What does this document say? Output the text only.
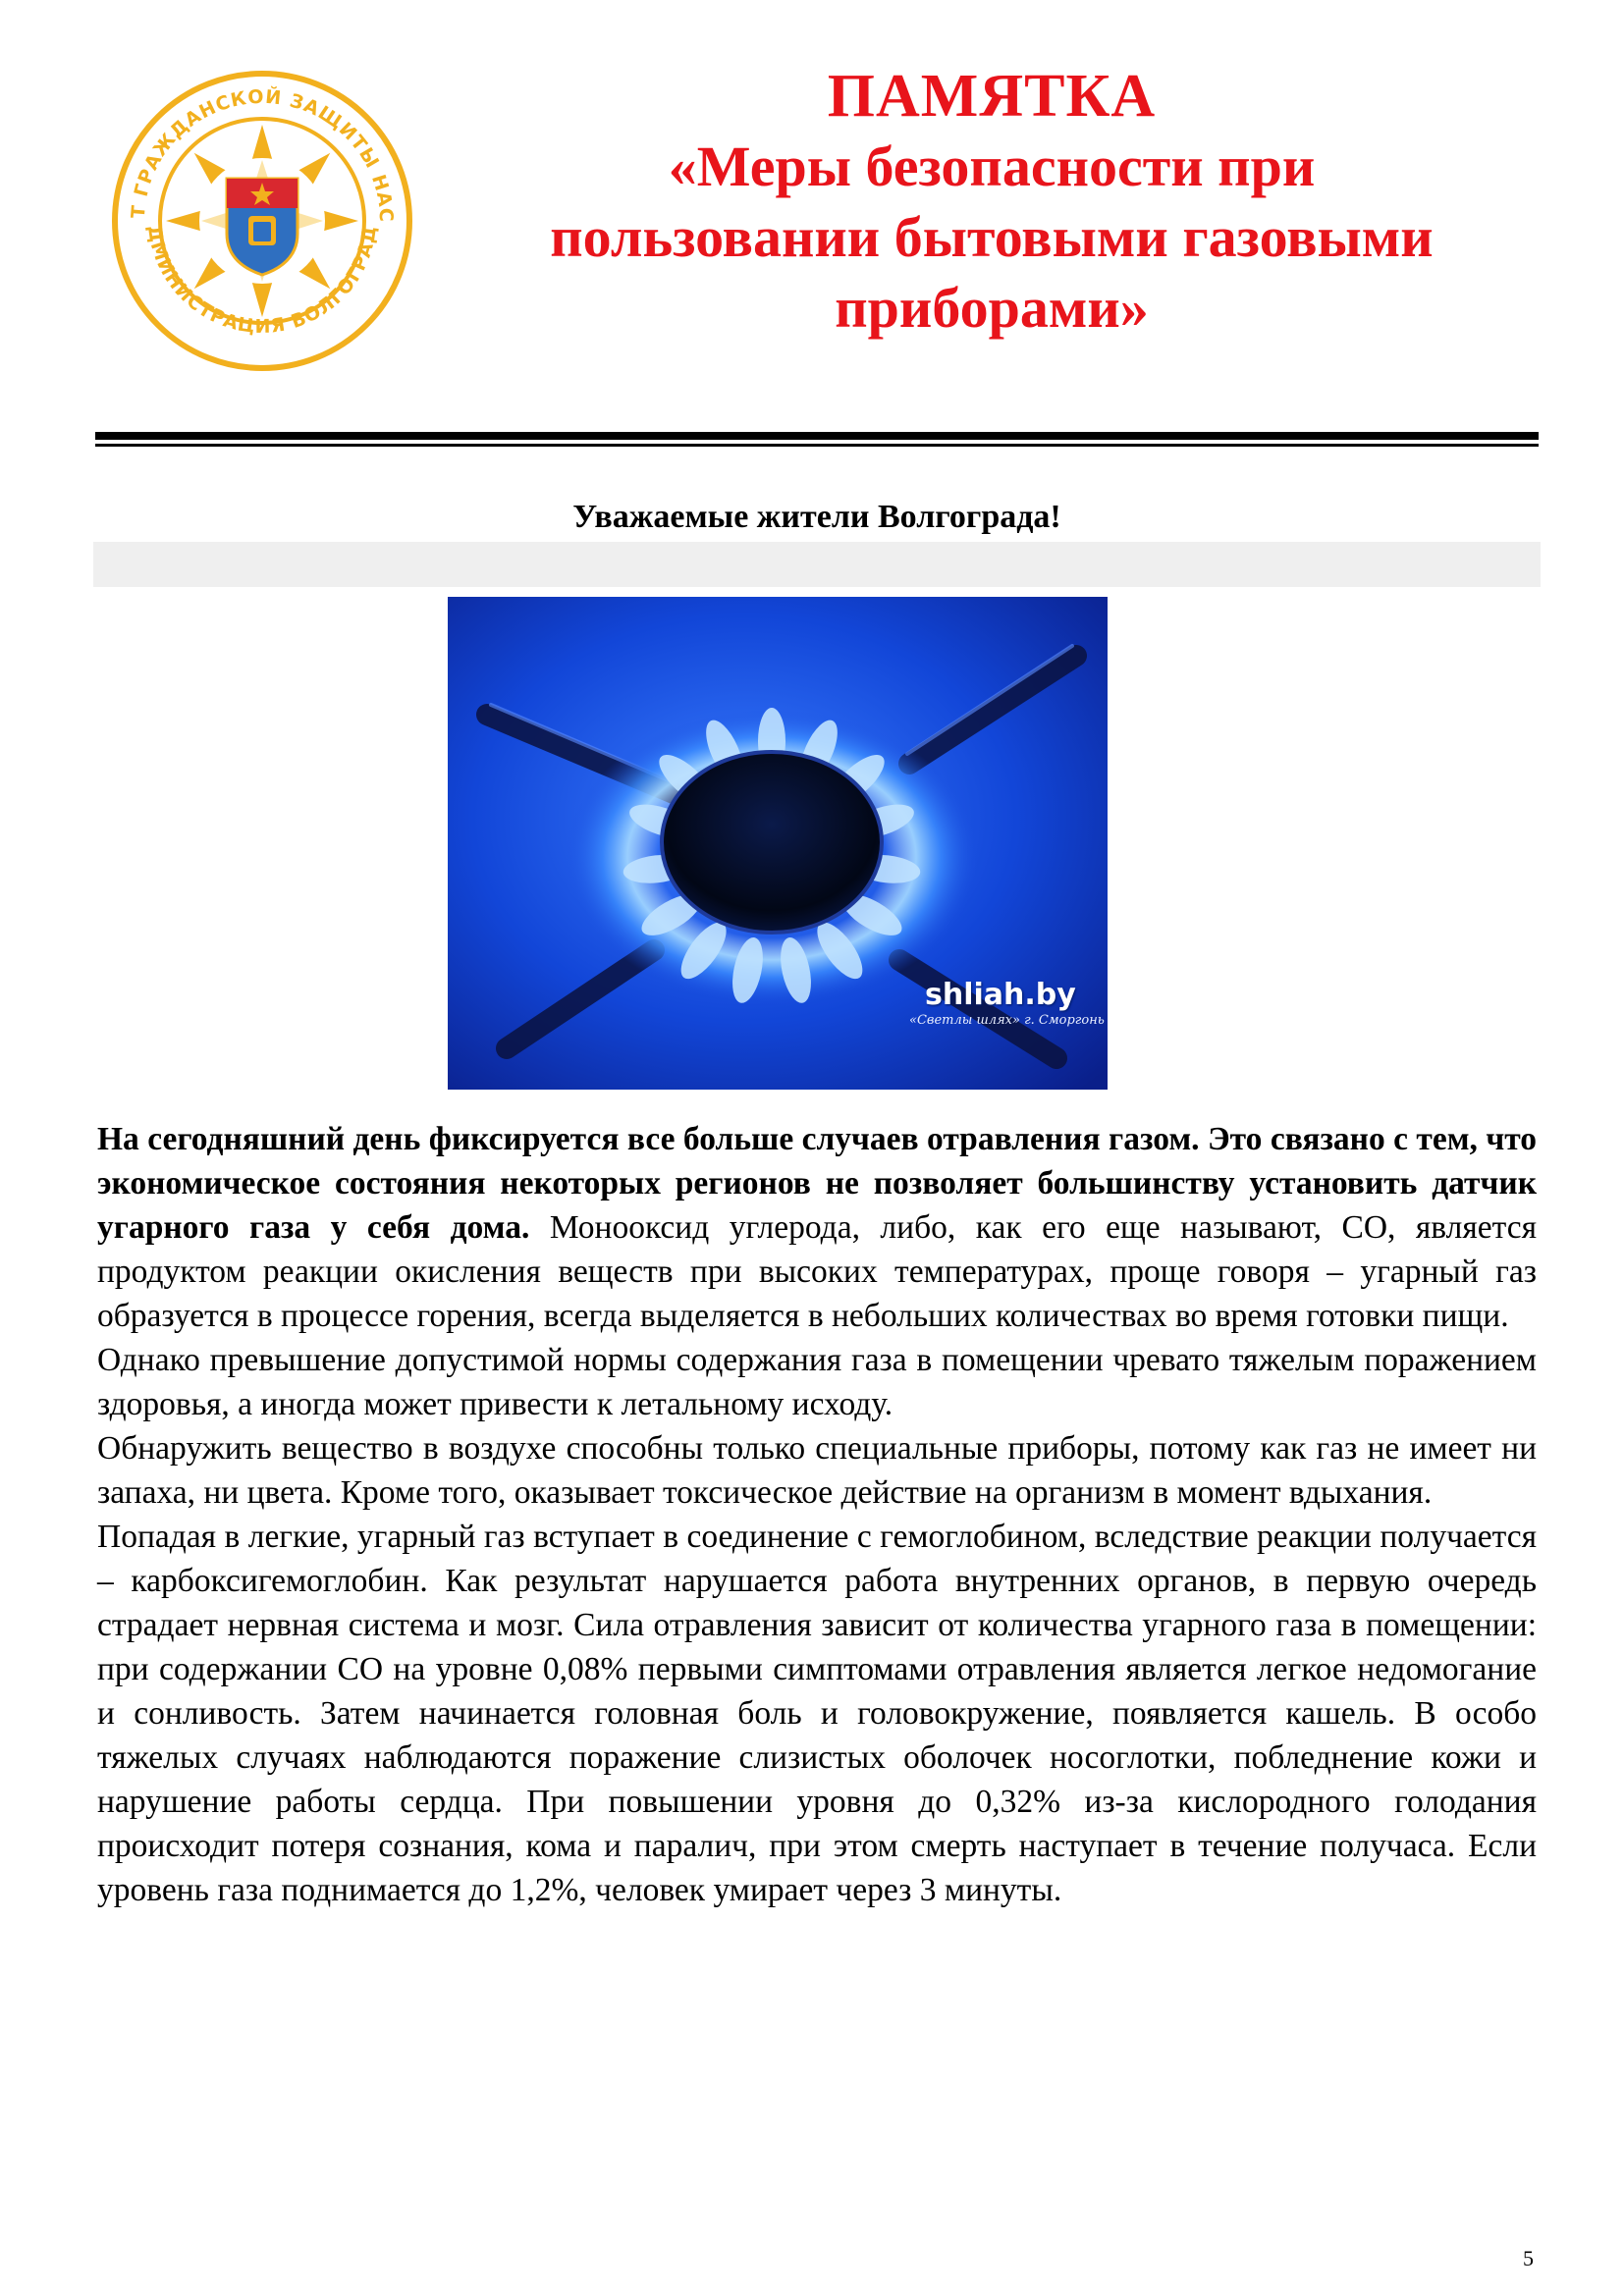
Т ГРАЖДАНСКОЙ ЗАЩИТЫ НАС
ДМИНИСТРАЦИЯ ВОЛГОГРАД
ПАМЯТКА
«Меры безопасности при
пользовании бытовыми газовыми
приборами»
Уважаемые жители Волгограда!
shliah.by
«Светлы шлях» г. Сморгонь

На сегодняшний день фиксируется все больше случаев отравления газом. Это связано с тем, что экономическое состояния некоторых регионов не позволяет большинству установить датчик угарного газа у себя дома. Монооксид углерода, либо, как его еще называют, СО, является продуктом реакции окисления веществ при высоких температурах, проще говоря – угарный газ образуется в процессе горения, всегда выделяется в небольших количествах во время готовки пищи.

Однако превышение допустимой нормы содержания газа в помещении чревато тяжелым поражением здоровья, а иногда может привести к летальному исходу.

Обнаружить вещество в воздухе способны только специальные приборы, потому как газ не имеет ни запаха, ни цвета. Кроме того, оказывает токсическое действие на организм в момент вдыхания.

Попадая в легкие, угарный газ вступает в соединение с гемоглобином, вследствие реакции получается – карбоксигемоглобин. Как результат нарушается работа внутренних органов, в первую очередь страдает нервная система и мозг. Сила отравления зависит от количества угарного газа в помещении: при содержании СО на уровне 0,08% первыми симптомами отравления является легкое недомогание и сонливость. Затем начинается головная боль и головокружение, появляется кашель. В особо тяжелых случаях наблюдаются поражение слизистых оболочек носоглотки, побледнение кожи и нарушение работы сердца. При повышении уровня до 0,32% из-за кислородного голодания происходит потеря сознания, кома и паралич, при этом смерть наступает в течение получаса. Если уровень газа поднимается до 1,2%, человек умирает через 3 минуты.

5
